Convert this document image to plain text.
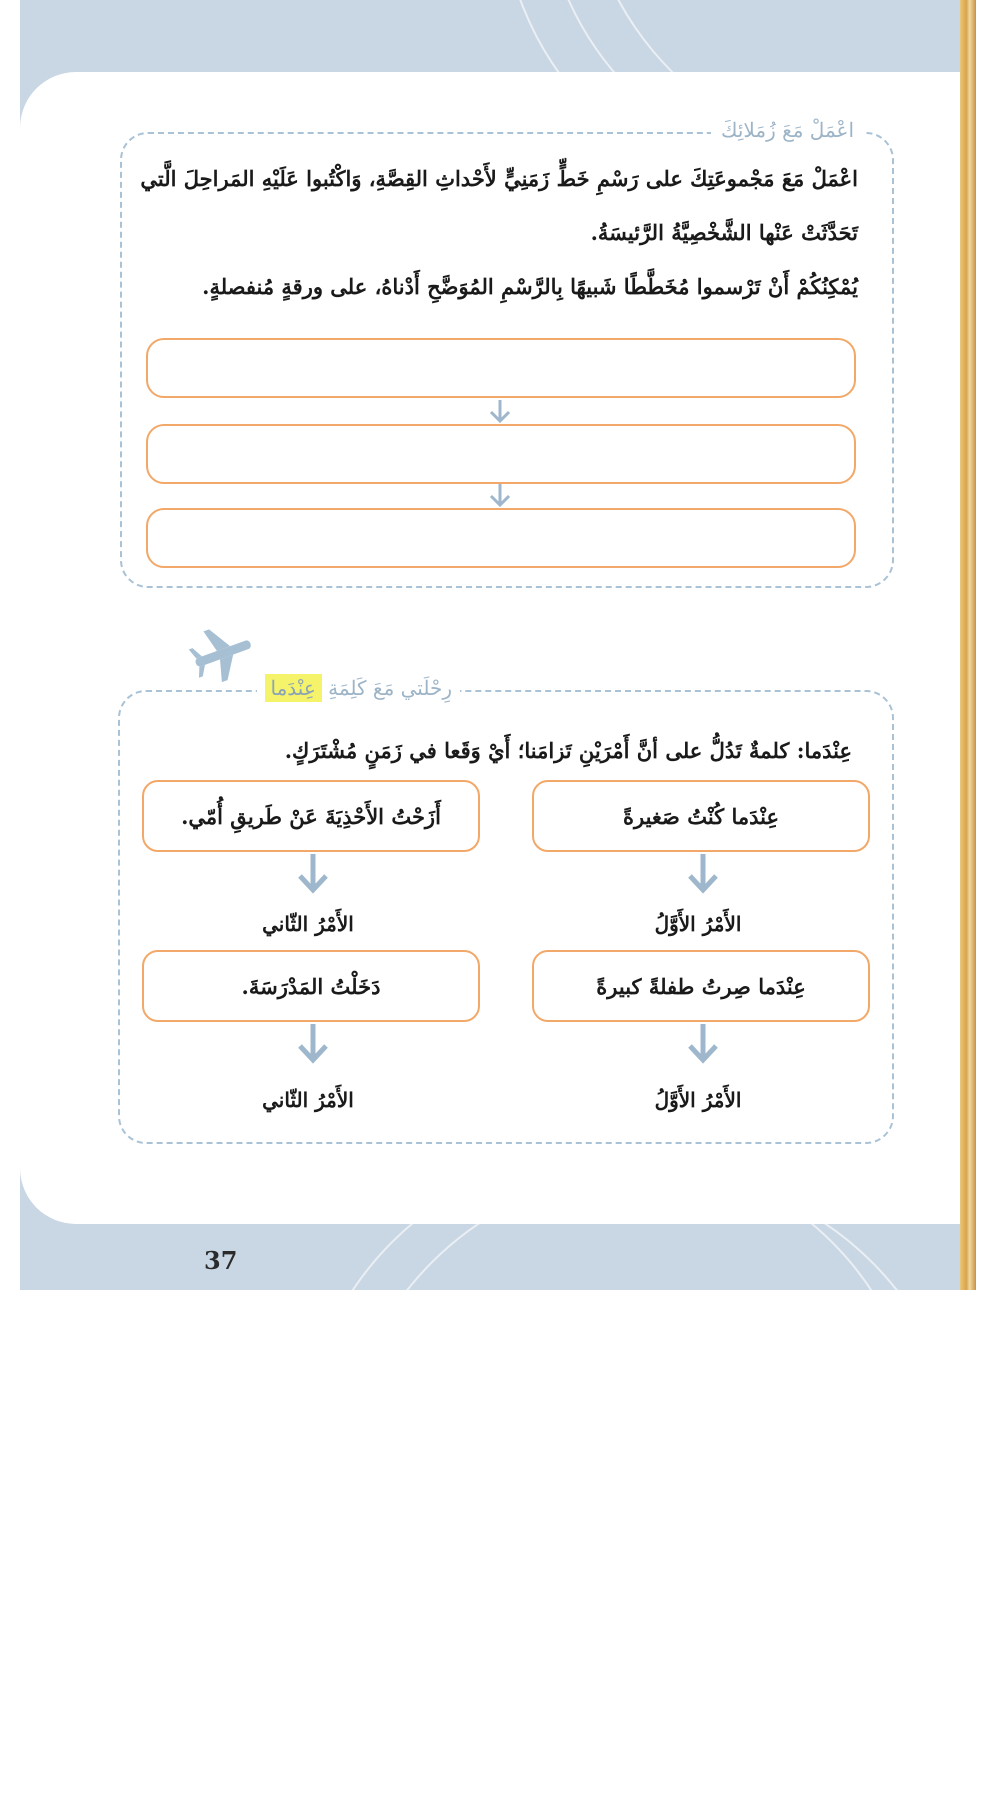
اعْمَلْ مَعَ زُمَلائِكَ
اعْمَلْ مَعَ مَجْموعَتِكَ على رَسْمِ خَطٍّ زَمَنِيٍّ لأَحْداثِ القِصَّةِ، وَاكْتُبوا عَلَيْهِ المَراحِلَ الَّتي
تَحَدَّثَتْ عَنْها الشَّخْصِيَّةُ الرَّئيسَةُ.
يُمْكِنُكُمْ أَنْ تَرْسموا مُخَطَّطًا شَبيهًا بِالرَّسْمِ المُوَضَّحِ أَدْناهُ، على ورقةٍ مُنفصلةٍ.
رِحْلَتي مَعَ كَلِمَةِ عِنْدَما
عِنْدَما: كلمةٌ تَدُلُّ على أنَّ أَمْرَيْنِ تَزامَنا؛ أَيْ وَقَعا في زَمَنٍ مُشْتَرَكٍ.
عِنْدَما كُنْتُ صَغيرةً
أَزَحْتُ الأَحْذِيَةَ عَنْ طَريقِ أُمّي.
الأَمْرُ الأَوَّلُ
الأَمْرُ الثّاني
عِنْدَما صِرتُ طفلةً كبيرةً
دَخَلْتُ المَدْرَسَةَ.
الأَمْرُ الأَوَّلُ
الأَمْرُ الثّاني
37
